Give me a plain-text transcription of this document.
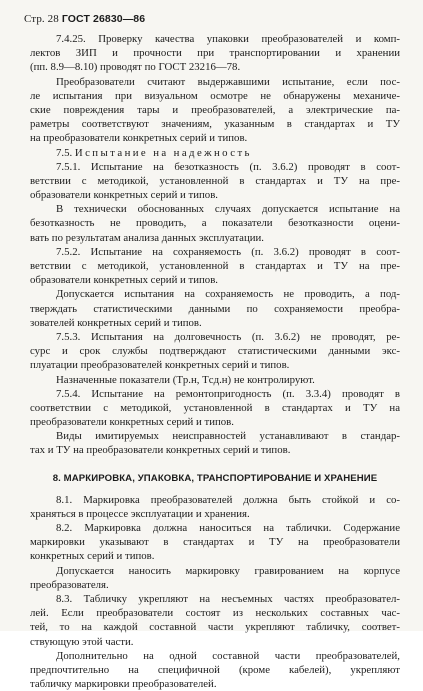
Стр. 28 ГОСТ 26830—86
7.4.25. Проверку качества упаковки преобразователей и комп-
лектов ЗИП и прочности при транспортировании и хранении
(пп. 8.9—8.10) проводят по ГОСТ 23216—78.
Преобразователи считают выдержавшими испытание, если пос-
ле испытания при визуальном осмотре не обнаружены механиче-
ские повреждения тары и преобразователей, а электрические па-
раметры соответствуют значениям, указанным в стандартах и ТУ
на преобразователи конкретных серий и типов.
7.5. Испытание на надежность
7.5.1. Испытание на безотказность (п. 3.6.2) проводят в соот-
ветствии с методикой, установленной в стандартах и ТУ на пре-
образователи конкретных серий и типов.
В технически обоснованных случаях допускается испытание на
безотказность не проводить, а показатели безотказности оцени-
вать по результатам анализа данных эксплуатации.
7.5.2. Испытание на сохраняемость (п. 3.6.2) проводят в соот-
ветствии с методикой, установленной в стандартах и ТУ на пре-
образователи конкретных серий и типов.
Допускается испытания на сохраняемость не проводить, а под-
тверждать статистическими данными по сохраняемости преобра-
зователей конкретных серий и типов.
7.5.3. Испытания на долговечность (п. 3.6.2) не проводят, ре-
сурс и срок службы подтверждают статистическими данными экс-
плуатации преобразователей конкретных серий и типов.
Назначенные показатели (Tр.н, Tсд.н) не контролируют.
7.5.4. Испытание на ремонтопригодность (п. 3.3.4) проводят в
соответствии с методикой, установленной в стандартах и ТУ на
преобразователи конкретных серий и типов.
Виды имитируемых неисправностей устанавливают в стандар-
тах и ТУ на преобразователи конкретных серий и типов.
8. МАРКИРОВКА, УПАКОВКА, ТРАНСПОРТИРОВАНИЕ И ХРАНЕНИЕ
8.1. Маркировка преобразователей должна быть стойкой и со-
храняться в процессе эксплуатации и хранения.
8.2. Маркировка должна наноситься на таблички. Содержание
маркировки указывают в стандартах и ТУ на преобразователи
конкретных серий и типов.
Допускается наносить маркировку гравированием на корпусе
преобразователя.
8.3. Табличку укрепляют на несъемных частях преобразовател-
лей. Если преобразователи состоят из нескольких составных час-
тей, то на каждой составной части укрепляют табличку, соответ-
ствующую этой части.
Дополнительно на одной составной части преобразователей,
предпочтительно на специфичной (кроме кабелей), укрепляют
табличку маркировки преобразователей.
